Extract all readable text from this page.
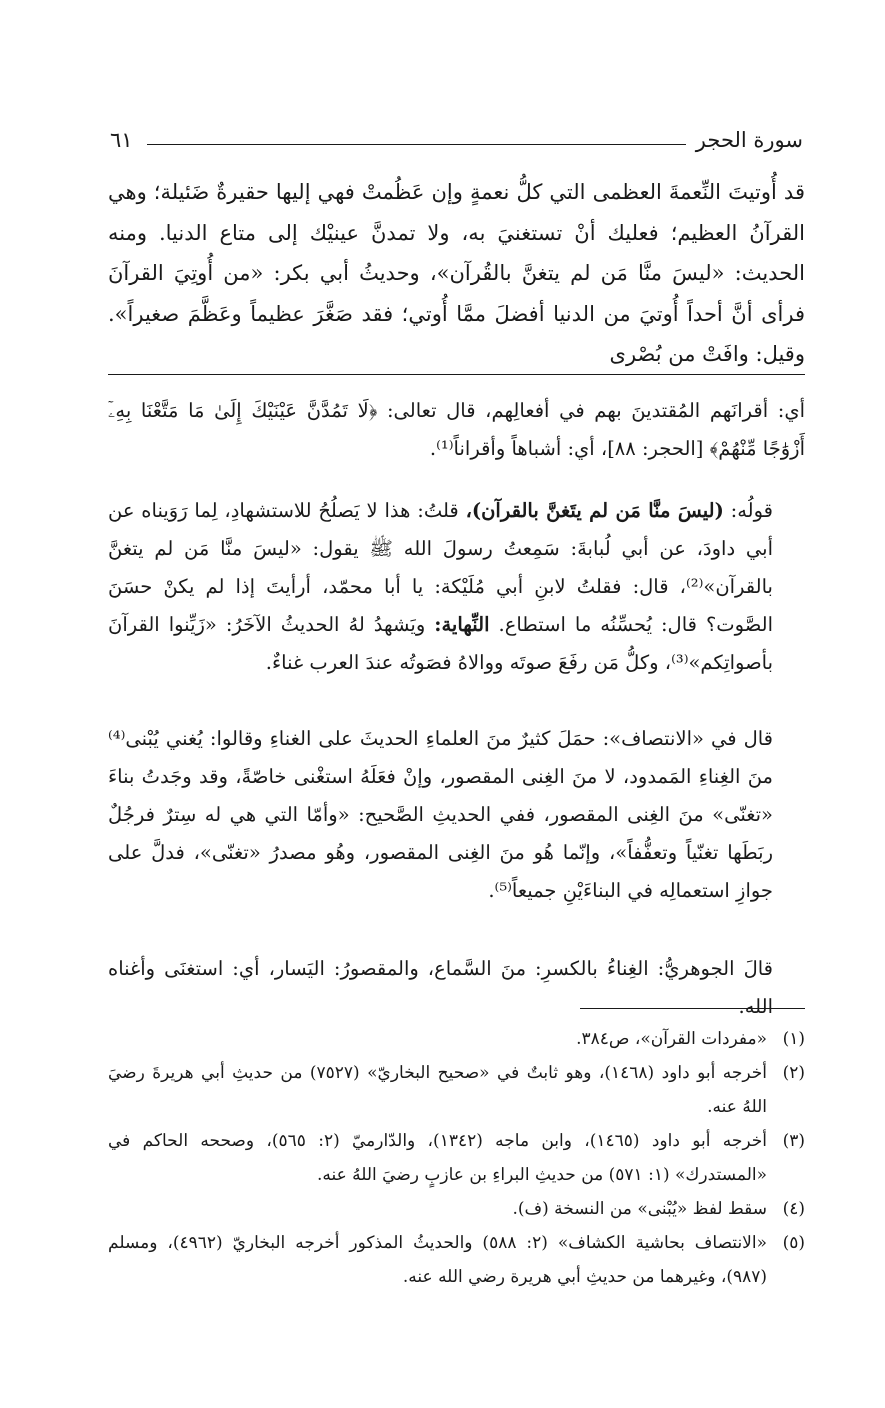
سورة الحجر
٦١
قد أُوتيتَ النِّعمةَ العظمى التي كلُّ نعمةٍ وإن عَظُمتْ فهي إليها حقيرةٌ ضَئيلة؛ وهي القرآنُ العظيم؛ فعليك أنْ تستغنيَ به، ولا تمدنَّ عينيْك إلى متاع الدنيا. ومنه الحديث: «ليسَ منَّا مَن لم يتغنَّ بالقُرآن»، وحديثُ أبي بكر: «من أُوتِيَ القرآنَ فرأى أنَّ أحداً أُوتيَ من الدنيا أفضلَ ممَّا أُوتي؛ فقد صَغَّرَ عظيماً وعَظَّمَ صغيراً». وقيل: وافَتْ من بُصْرى

أي: أقرانَهم المُقتدينَ بهم في أفعالِهم، قال تعالى: ﴿لَا تَمُدَّنَّ عَيْنَيْكَ إِلَىٰ مَا مَتَّعْنَا بِهِۦٓ أَزْوَٰجًا مِّنْهُمْ﴾ [الحجر: ٨٨]، أي: أشباهاً وأقراناً⁽¹⁾.

قولُه: (ليسَ منَّا مَن لم يتَغنَّ بالقرآن)، قلتُ: هذا لا يَصلُحُ للاستشهادِ، لِما رَوَيناه عن أبي داودَ، عن أبي لُبابةَ: سَمِعتُ رسولَ الله ﷺ يقول: «ليسَ منَّا مَن لم يتغنَّ بالقرآن»⁽²⁾، قال: فقلتُ لابنِ أبي مُلَيْكة: يا أبا محمّد، أرأيتَ إذا لم يكنْ حسَنَ الصَّوت؟ قال: يُحسِّنُه ما استطاع. النِّهاية: ويَشهدُ لهُ الحديثُ الآخَرُ: «زَيِّنوا القرآنَ بأصواتِكم»⁽³⁾، وكلُّ مَن رفَعَ صوتَه ووالاهُ فصَوتُه عندَ العرب غناءٌ.

قال في «الانتصاف»: حمَلَ كثيرٌ منَ العلماءِ الحديثَ على الغناءِ وقالوا: يُغني يُبْنى⁽⁴⁾ منَ الغِناءِ المَمدود، لا منَ الغِنى المقصور، وإنْ فعَلَهُ استغْنى خاصّةً، وقد وجَدتُ بناءَ «تغنّى» منَ الغِنى المقصور، ففي الحديثِ الصَّحيح: «وأمّا التي هي له سِترٌ فرجُلٌ ربَطَها تغنّياً وتعفُّفاً»، وإنّما هُو منَ الغِنى المقصور، وهُو مصدرُ «تغنّى»، فدلَّ على جوازِ استعمالِه في البناءَيْنِ جميعاً⁽⁵⁾.

قالَ الجوهريُّ: الغِناءُ بالكسرِ: منَ السَّماع، والمقصورُ: اليَسار، أي: استغنَى وأغناه الله.

(١)
«مفردات القرآن»، ص٣٨٤.
(٢)
أخرجه أبو داود (١٤٦٨)، وهو ثابتٌ في «صحيح البخاريّ» (٧٥٢٧) من حديثِ أبي هريرةَ رضيَ اللهُ عنه.
(٣)
أخرجه أبو داود (١٤٦٥)، وابن ماجه (١٣٤٢)، والدّارميّ (٢: ٥٦٥)، وصححه الحاكم في «المستدرك» (١: ٥٧١) من حديثِ البراءِ بن عازبٍ رضيَ اللهُ عنه.
(٤)
سقط لفظ «يُبْنى» من النسخة (ف).
(٥)
«الانتصاف بحاشية الكشاف» (٢: ٥٨٨) والحديثُ المذكور أخرجه البخاريّ (٤٩٦٢)، ومسلم (٩٨٧)، وغيرهما من حديثِ أبي هريرة رضي الله عنه.
